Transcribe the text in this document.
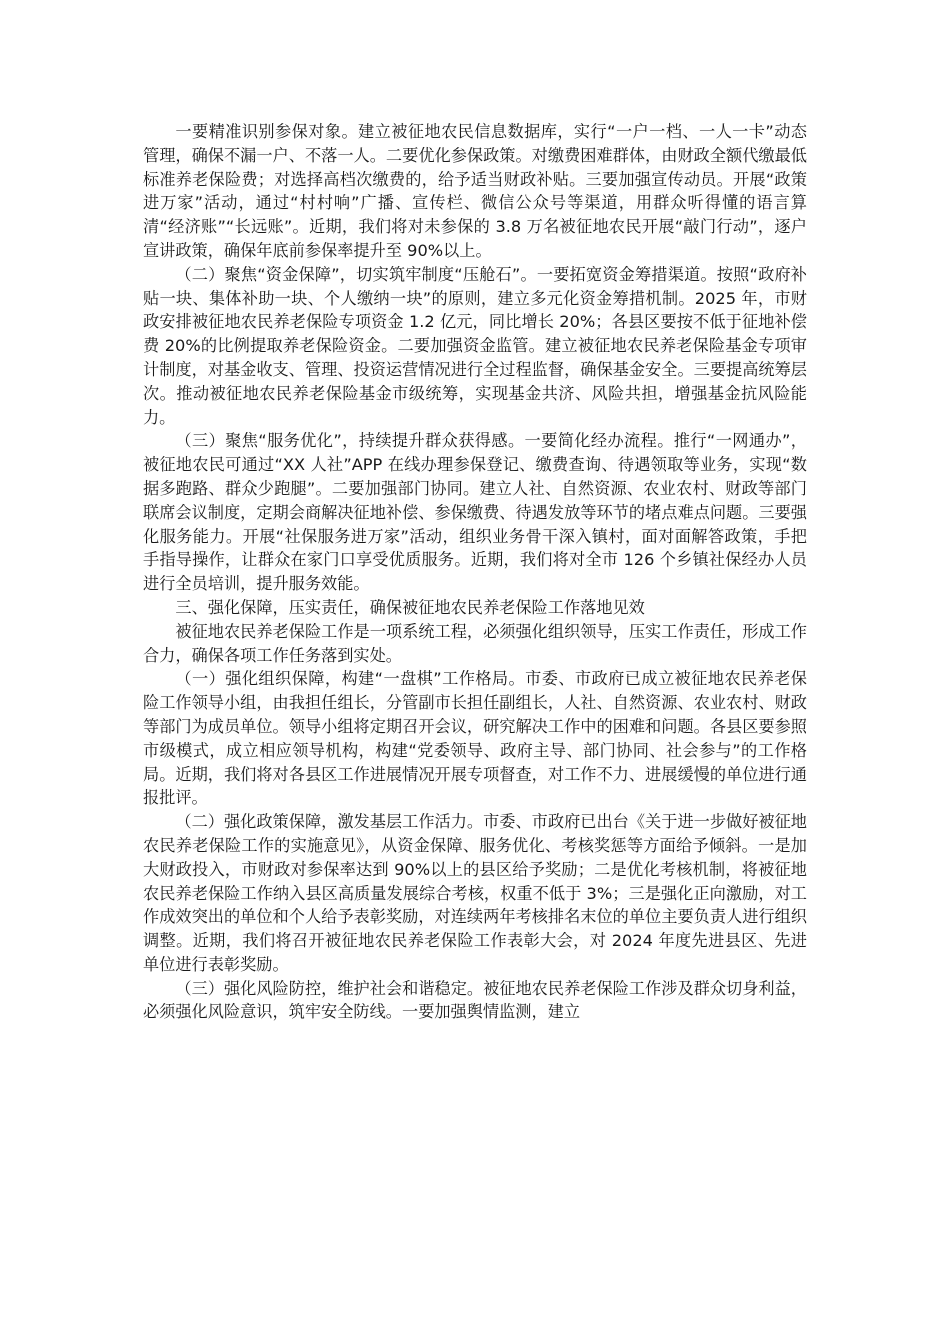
一要精准识别参保对象。建立被征地农民信息数据库，实行“一户一档、一人一卡”动态管理，确保不漏一户、不落一人。二要优化参保政策。对缴费困难群体，由财政全额代缴最低标准养老保险费；对选择高档次缴费的，给予适当财政补贴。三要加强宣传动员。开展“政策进万家”活动，通过“村村响”广播、宣传栏、微信公众号等渠道，用群众听得懂的语言算清“经济账”“长远账”。近期，我们将对未参保的 3.8 万名被征地农民开展“敲门行动”，逐户宣讲政策，确保年底前参保率提升至 90%以上。

（二）聚焦“资金保障”，切实筑牢制度“压舱石”。一要拓宽资金筹措渠道。按照“政府补贴一块、集体补助一块、个人缴纳一块”的原则，建立多元化资金筹措机制。2025 年，市财政安排被征地农民养老保险专项资金 1.2 亿元，同比增长 20%；各县区要按不低于征地补偿费 20%的比例提取养老保险资金。二要加强资金监管。建立被征地农民养老保险基金专项审计制度，对基金收支、管理、投资运营情况进行全过程监督，确保基金安全。三要提高统筹层次。推动被征地农民养老保险基金市级统筹，实现基金共济、风险共担，增强基金抗风险能力。

（三）聚焦“服务优化”，持续提升群众获得感。一要简化经办流程。推行“一网通办”，被征地农民可通过“XX 人社”APP 在线办理参保登记、缴费查询、待遇领取等业务，实现“数据多跑路、群众少跑腿”。二要加强部门协同。建立人社、自然资源、农业农村、财政等部门联席会议制度，定期会商解决征地补偿、参保缴费、待遇发放等环节的堵点难点问题。三要强化服务能力。开展“社保服务进万家”活动，组织业务骨干深入镇村，面对面解答政策，手把手指导操作，让群众在家门口享受优质服务。近期，我们将对全市 126 个乡镇社保经办人员进行全员培训，提升服务效能。

三、强化保障，压实责任，确保被征地农民养老保险工作落地见效

被征地农民养老保险工作是一项系统工程，必须强化组织领导，压实工作责任，形成工作合力，确保各项工作任务落到实处。

（一）强化组织保障，构建“一盘棋”工作格局。市委、市政府已成立被征地农民养老保险工作领导小组，由我担任组长，分管副市长担任副组长，人社、自然资源、农业农村、财政等部门为成员单位。领导小组将定期召开会议，研究解决工作中的困难和问题。各县区要参照市级模式，成立相应领导机构，构建“党委领导、政府主导、部门协同、社会参与”的工作格局。近期，我们将对各县区工作进展情况开展专项督查，对工作不力、进展缓慢的单位进行通报批评。

（二）强化政策保障，激发基层工作活力。市委、市政府已出台《关于进一步做好被征地农民养老保险工作的实施意见》，从资金保障、服务优化、考核奖惩等方面给予倾斜。一是加大财政投入，市财政对参保率达到 90%以上的县区给予奖励；二是优化考核机制，将被征地农民养老保险工作纳入县区高质量发展综合考核，权重不低于 3%；三是强化正向激励，对工作成效突出的单位和个人给予表彰奖励，对连续两年考核排名末位的单位主要负责人进行组织调整。近期，我们将召开被征地农民养老保险工作表彰大会，对 2024 年度先进县区、先进单位进行表彰奖励。

（三）强化风险防控，维护社会和谐稳定。被征地农民养老保险工作涉及群众切身利益，必须强化风险意识，筑牢安全防线。一要加强舆情监测，建立
